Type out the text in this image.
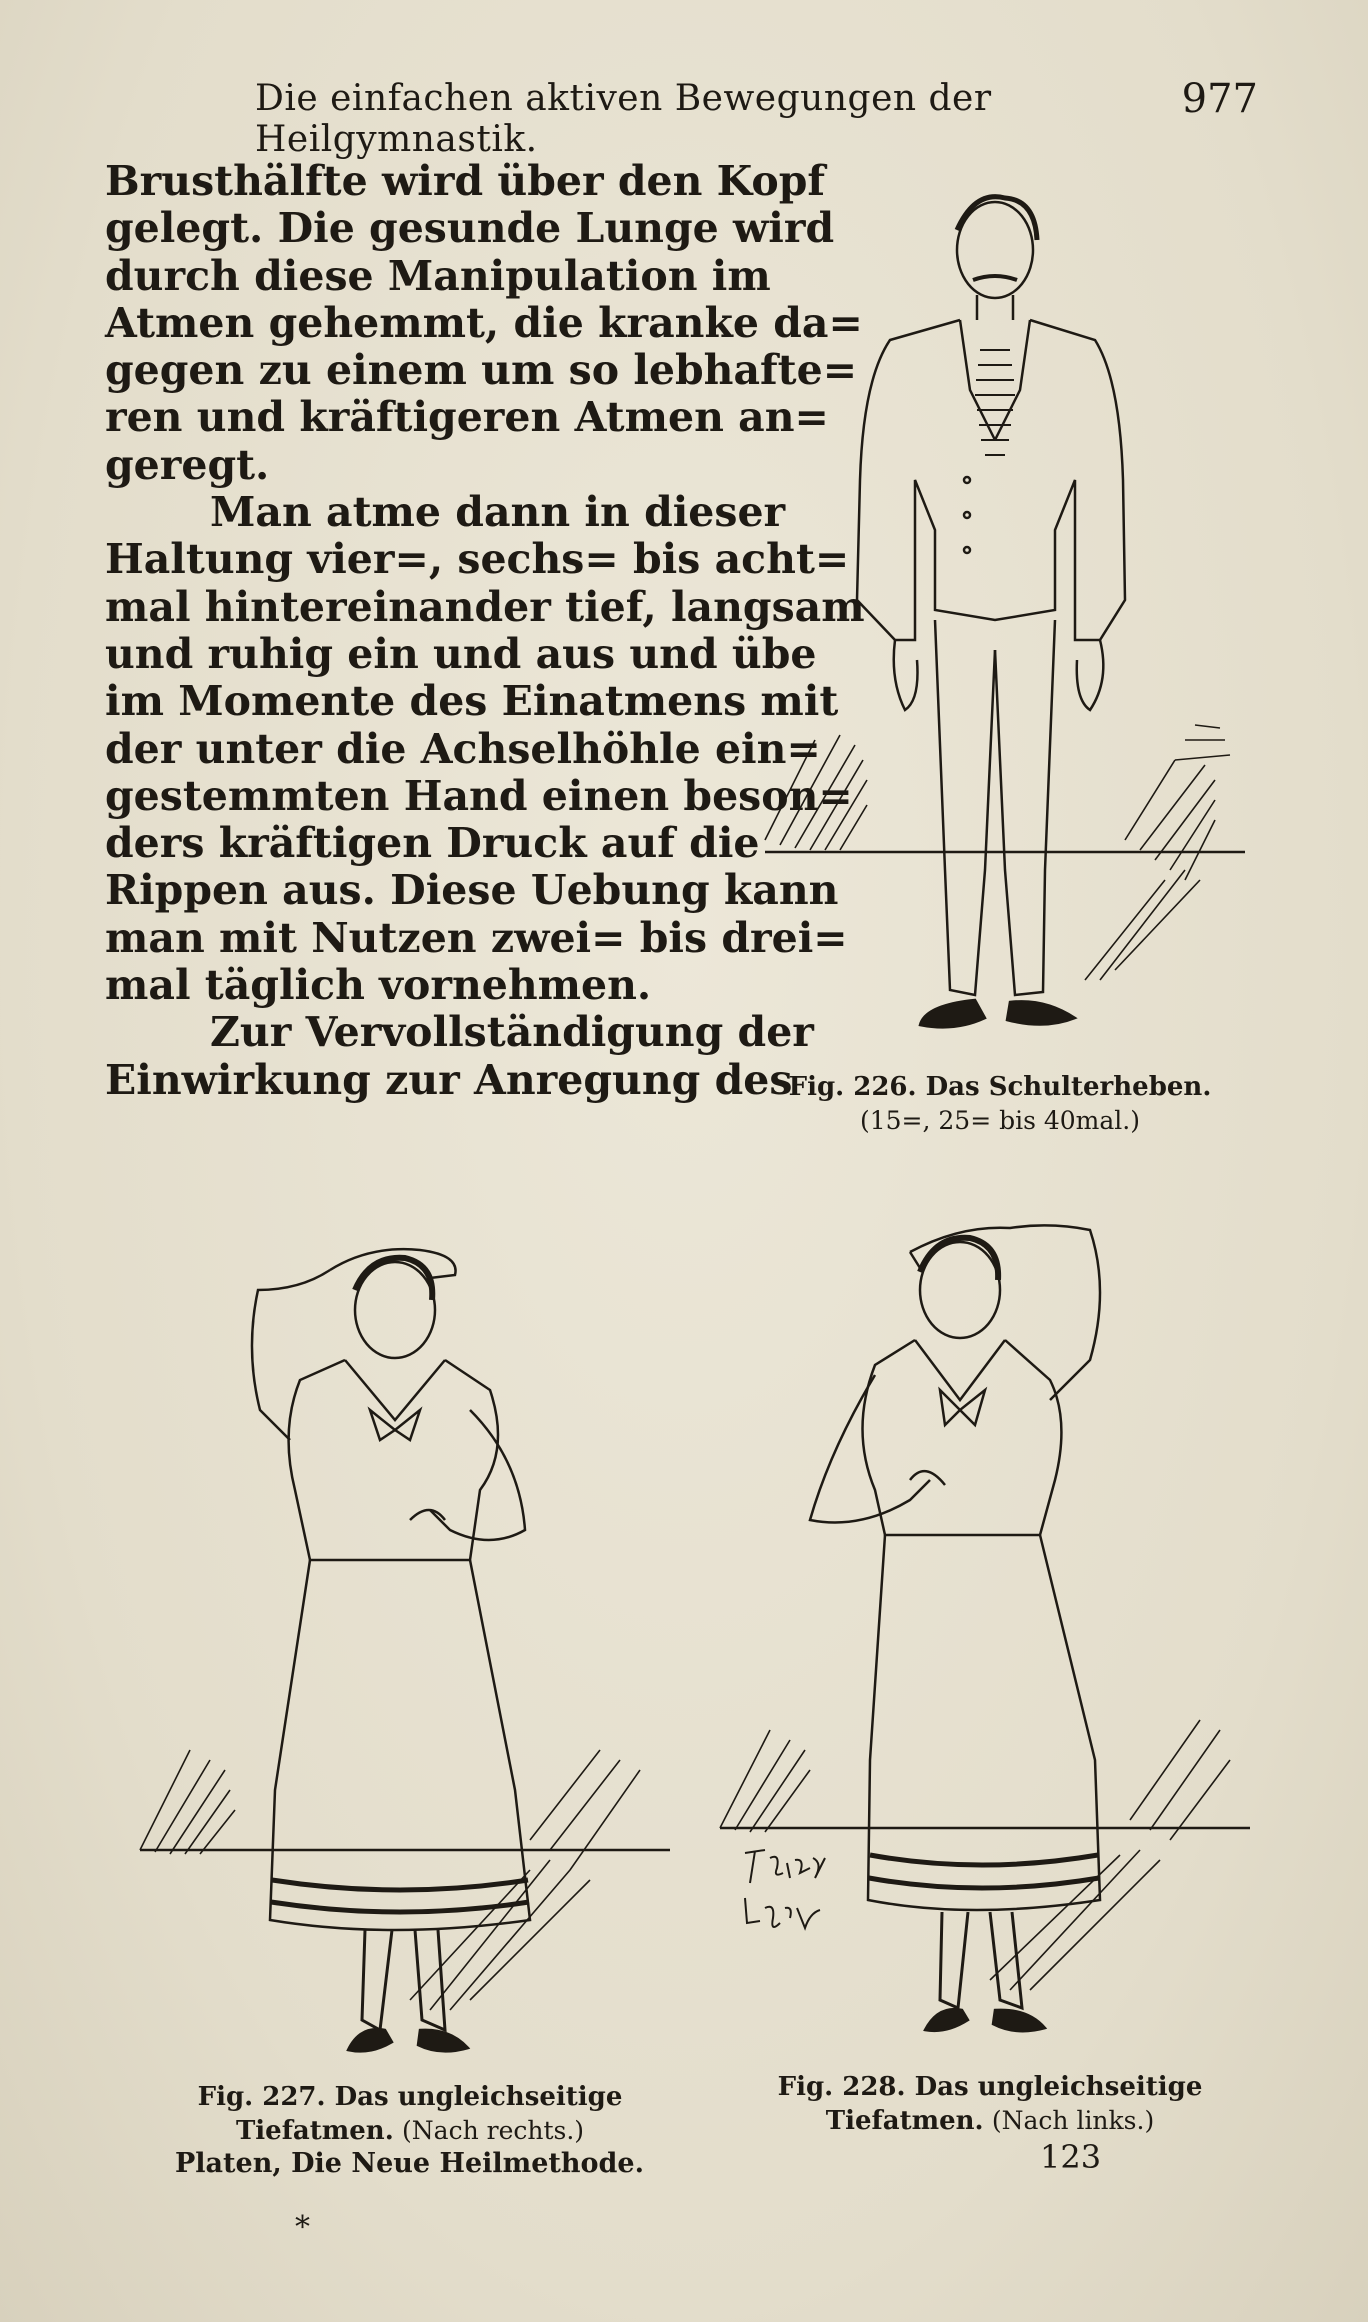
Die einfachen aktiven Bewegungen der Heilgymnastik.
977
Brusthälfte wird über den Kopf
gelegt. Die gesunde Lunge wird
durch diese Manipulation im
Atmen gehemmt, die kranke da=
gegen zu einem um so lebhafte=
ren und kräftigeren Atmen an=
geregt.
Man atme dann in dieser
Haltung vier=, sechs= bis acht=
mal hintereinander tief, langsam
und ruhig ein und aus und übe
im Momente des Einatmens mit
der unter die Achselhöhle ein=
gestemmten Hand einen beson=
ders kräftigen Druck auf die
Rippen aus. Diese Uebung kann
man mit Nutzen zwei= bis drei=
mal täglich vornehmen.
Zur Vervollständigung der
Einwirkung zur Anregung des
Fig. 226. Das Schulterheben.
(15=, 25= bis 40mal.)
Fig. 227. Das ungleichseitige
Tiefatmen. (Nach rechts.)
Fig. 228. Das ungleichseitige
Tiefatmen. (Nach links.)
Platen, Die Neue Heilmethode.	123
*
